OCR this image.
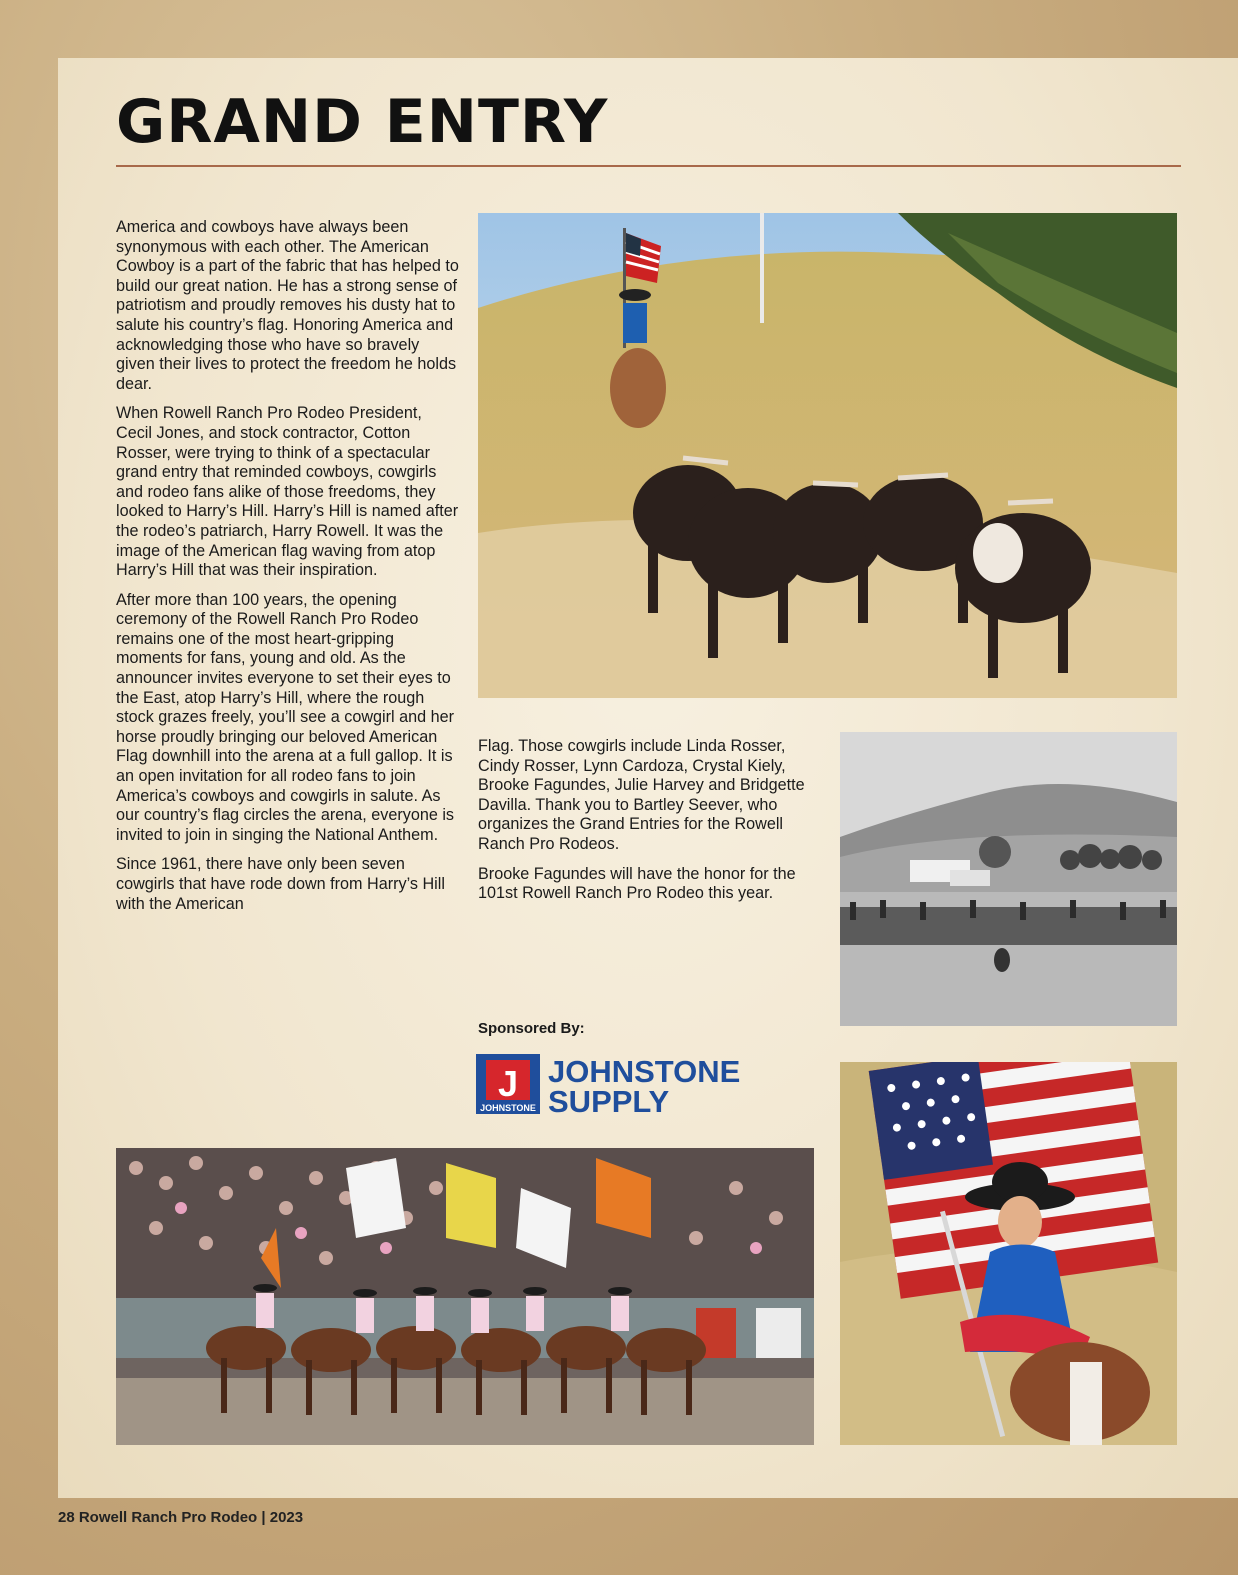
GRAND ENTRY

America and cowboys have always been synonymous with each other. The American Cowboy is a part of the fabric that has helped to build our great nation. He has a strong sense of patriotism and proudly removes his dusty hat to salute his country’s flag. Honoring America and acknowledging those who have so bravely given their lives to protect the freedom he holds dear.

When Rowell Ranch Pro Rodeo President, Cecil Jones, and stock contractor, Cotton Rosser, were trying to think of a spectacular grand entry that reminded cowboys, cowgirls and rodeo fans alike of those freedoms, they looked to Harry’s Hill. Harry’s Hill is named after the rodeo’s patriarch, Harry Rowell. It was the image of the American flag waving from atop Harry’s Hill that was their inspiration.

After more than 100 years, the opening ceremony of the Rowell Ranch Pro Rodeo remains one of the most heart-gripping moments for fans, young and old. As the announcer invites everyone to set their eyes to the East, atop Harry’s Hill, where the rough stock grazes freely, you’ll see a cowgirl and her horse proudly bringing our beloved American Flag downhill into the arena at a full gallop. It is an open invitation for all rodeo fans to join America’s cowboys and cowgirls in salute. As our country’s flag circles the arena, everyone is invited to join in singing the National Anthem.

Since 1961, there have only been seven cowgirls that have rode down from Harry’s Hill with the American

Flag. Those cowgirls include Linda Rosser, Cindy Rosser, Lynn Cardoza, Crystal Kiely, Brooke Fagundes, Julie Harvey and Bridgette Davilla. Thank you to Bartley Seever, who organizes the Grand Entries for the Rowell Ranch Pro Rodeos.

Brooke Fagundes will have the honor for the 101st Rowell Ranch Pro Rodeo this year.

Sponsored By:
J
JOHNSTONE
JOHNSTONE
SUPPLY
28 Rowell Ranch Pro Rodeo | 2023
